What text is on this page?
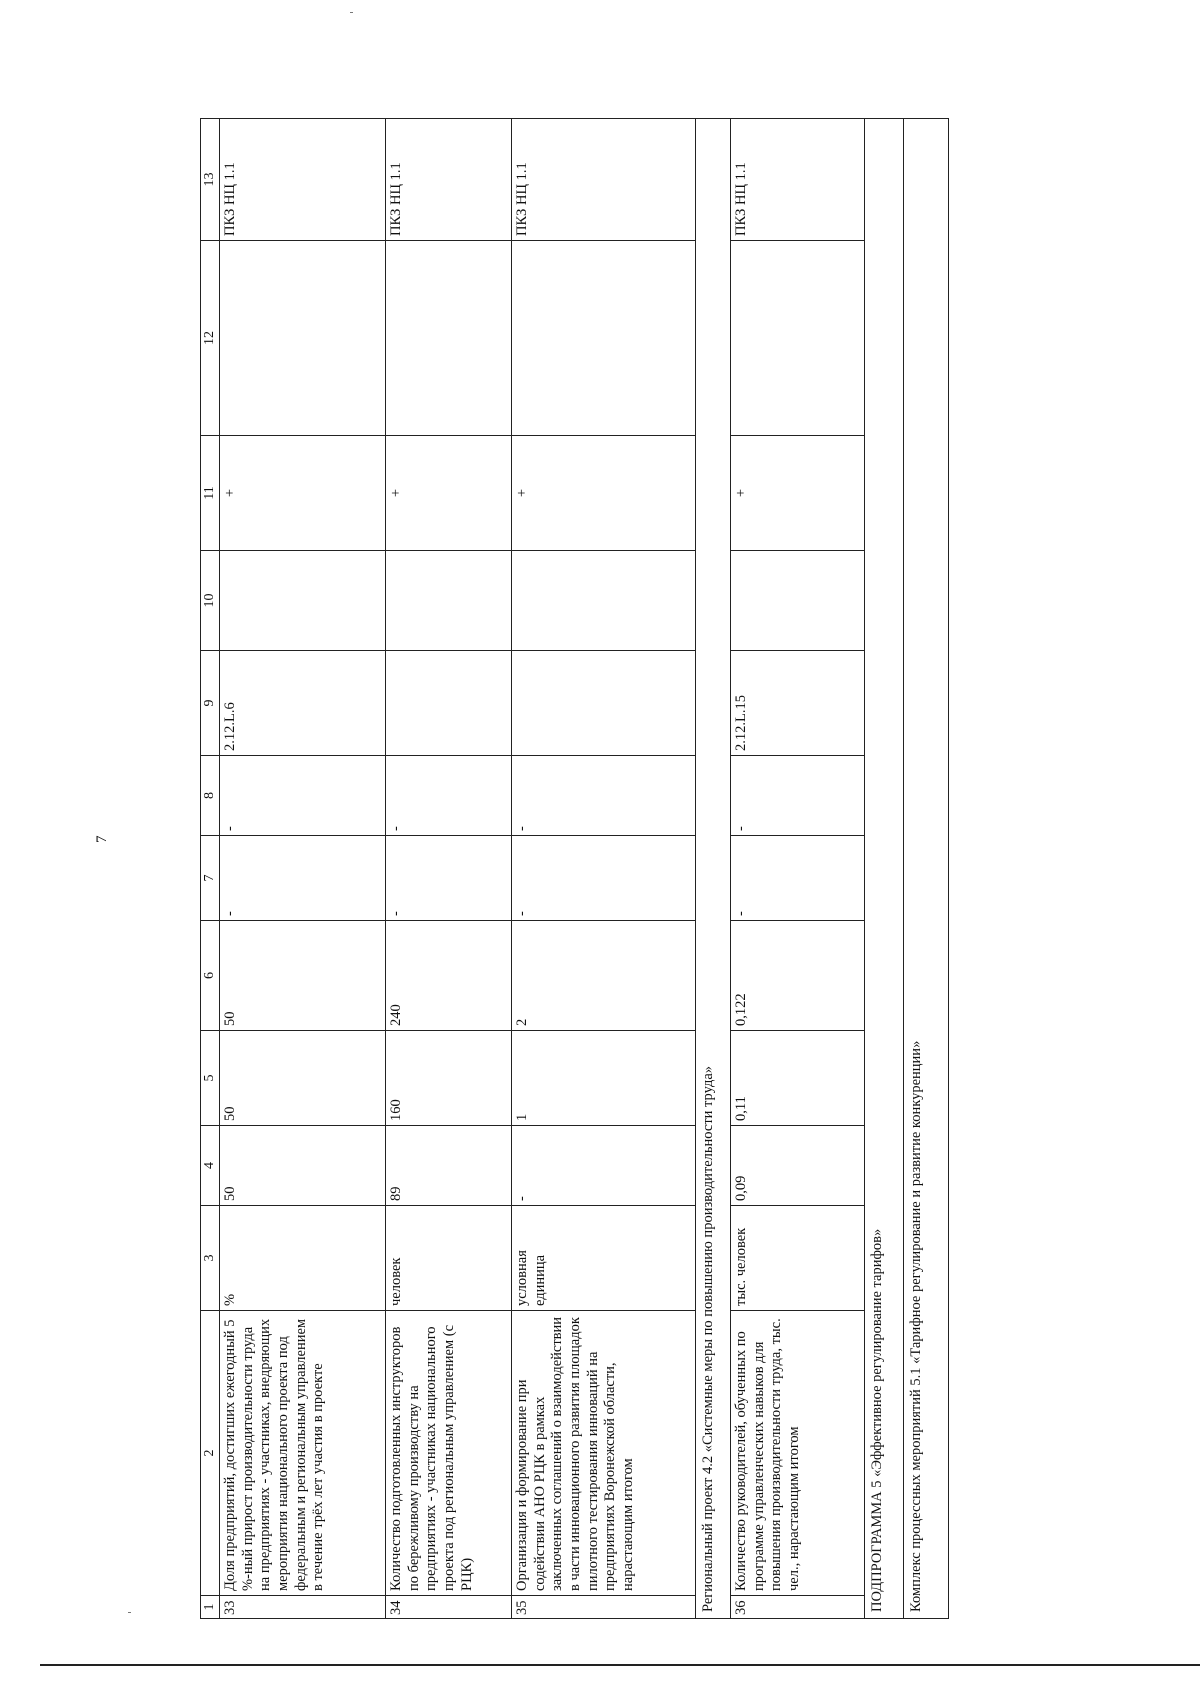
7
1	2	3	4	5	6	7	8	9	10	11	12	13
33	Доля предприятий, достигших ежегодный 5 %-ный прирост производительности труда на предприятиях - участниках, внедряющих мероприятия национального проекта под федеральным и региональным управлением в течение трёх лет участия в проекте	%	50	50	50	-	-	2.12.L.6		+		ПКЗ НЦ 1.1
34	Количество подготовленных инструкторов по бережливому производству на предприятиях - участниках национального проекта под региональным управлением (с РЦК)	человек	89	160	240	-	-			+		ПКЗ НЦ 1.1
35	Организация и формирование при содействии АНО РЦК в рамках заключенных соглашений о взаимодействии в части инновационного развития площадок пилотного тестирования инноваций на предприятиях Воронежской области, нарастающим итогом	условная единица	-	1	2	-	-			+		ПКЗ НЦ 1.1
Региональный проект 4.2 «Системные меры по повышению производительности труда»												
36	Количество руководителей, обученных по программе управленческих навыков для повышения производительности труда, тыс. чел., нарастающим итогом	тыс. человек	0,09	0,11	0,122	-	-	2.12.L.15		+		ПКЗ НЦ 1.1
ПОДПРОГРАММА 5 «Эффективное регулирование тарифов»												
Комплекс процессных мероприятий 5.1 «Тарифное регулирование и развитие конкуренции»												
